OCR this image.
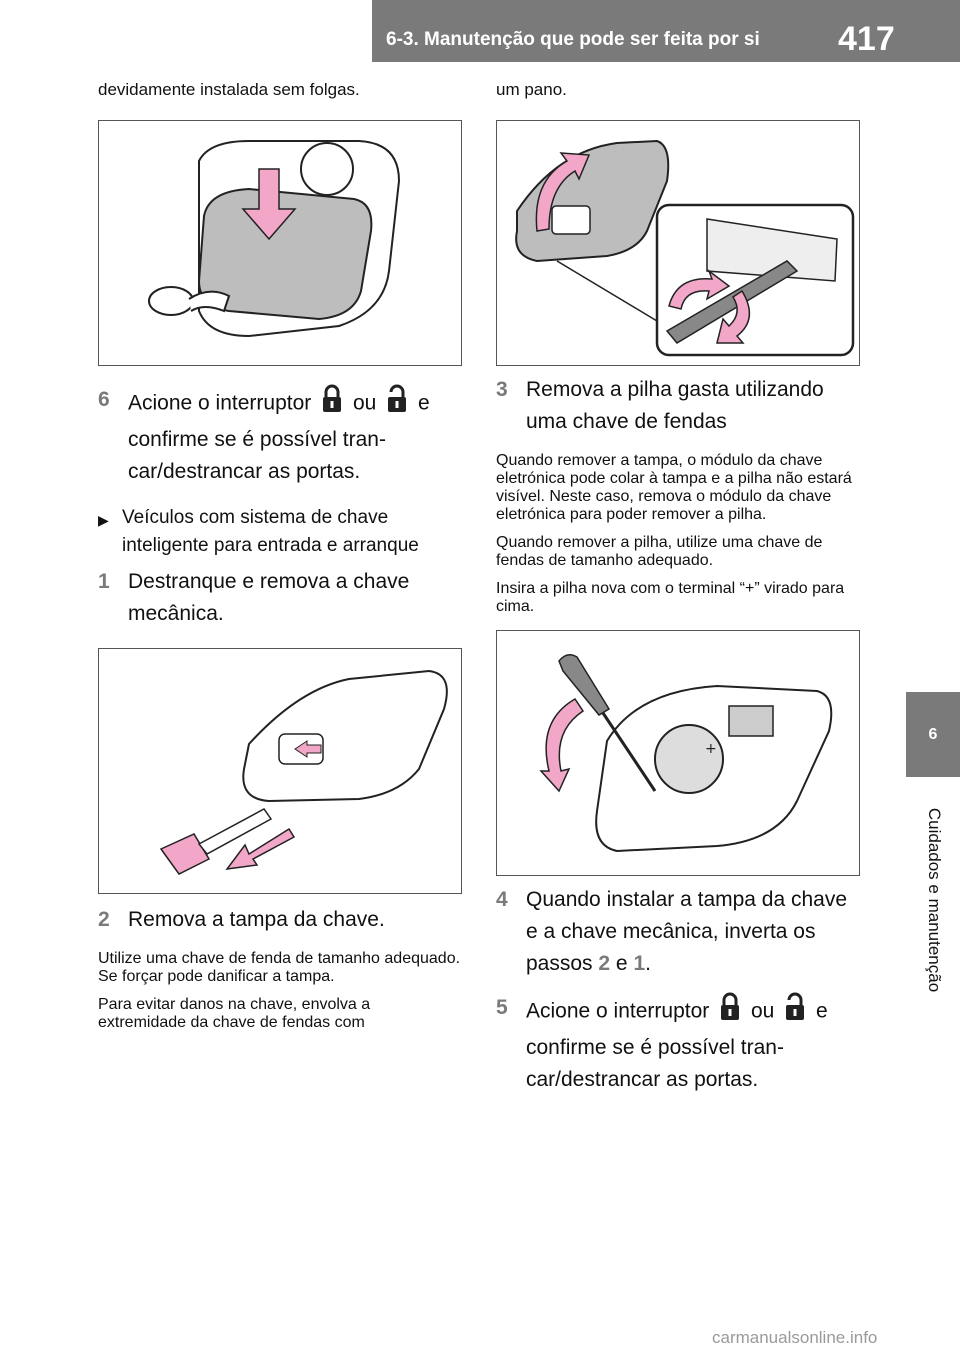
6-3. Manutenção que pode ser feita por si 417
6
Cuidados e manutenção

devidamente instalada sem folgas.

6 Acione o interruptor ou e confirme se é possível tran-car/destrancar as portas.
▶ Veículos com sistema de chave inteligente para entrada e arranque
1 Destranque e remova a chave mecânica.
2 Remova a tampa da chave.

Utilize uma chave de fenda de tamanho adequado. Se forçar pode danificar a tampa.

Para evitar danos na chave, envolva a extremidade da chave de fendas com

um pano.

3 Remova a pilha gasta utilizando uma chave de fendas

Quando remover a tampa, o módulo da chave eletrónica pode colar à tampa e a pilha não estará visível. Neste caso, remova o módulo da chave eletrónica para poder remover a pilha.

Quando remover a pilha, utilize uma chave de fendas de tamanho adequado.

Insira a pilha nova com o terminal “+” virado para cima.

+
4 Quando instalar a tampa da chave e a chave mecânica, inverta os passos 2 e 1.
5 Acione o interruptor ou e confirme se é possível tran-car/destrancar as portas.
carmanualsonline.info
